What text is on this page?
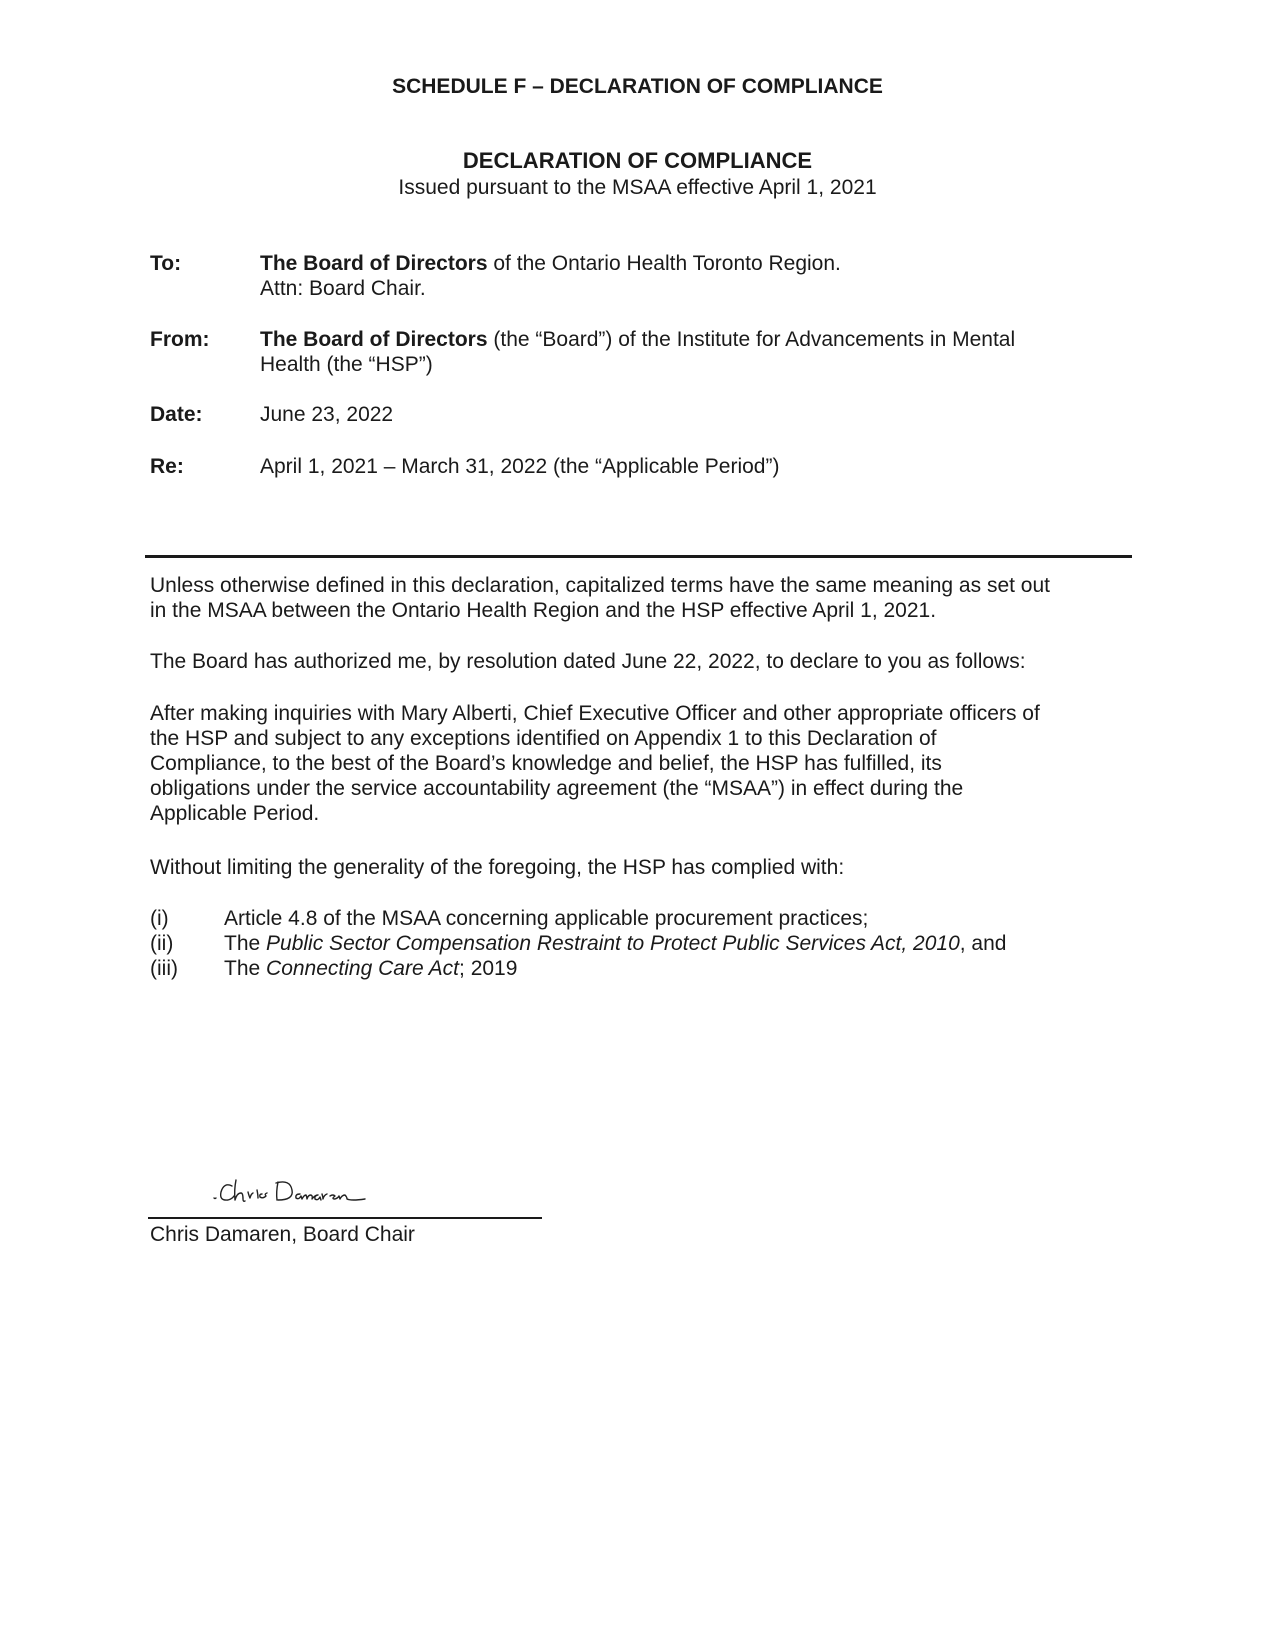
SCHEDULE F – DECLARATION OF COMPLIANCE
DECLARATION OF COMPLIANCE
Issued pursuant to the MSAA effective April 1, 2021
To:	The Board of Directors of the Ontario Health Toronto Region.
Attn: Board Chair.
From: The Board of Directors (the “Board”) of the Institute for Advancements in Mental
Health (the “HSP”)
Date:	June 23, 2022
Re:	April 1, 2021 – March 31, 2022 (the “Applicable Period”)
Unless otherwise defined in this declaration, capitalized terms have the same meaning as set out
in the MSAA between the Ontario Health Region and the HSP effective April 1, 2021.
The Board has authorized me, by resolution dated June 22, 2022, to declare to you as follows:
After making inquiries with Mary Alberti, Chief Executive Officer and other appropriate officers of
the HSP and subject to any exceptions identified on Appendix 1 to this Declaration of
Compliance, to the best of the Board’s knowledge and belief, the HSP has fulfilled, its
obligations under the service accountability agreement (the “MSAA”) in effect during the
Applicable Period.
Without limiting the generality of the foregoing, the HSP has complied with:
(i)	Article 4.8 of the MSAA concerning applicable procurement practices;
(ii) The Public Sector Compensation Restraint to Protect Public Services Act, 2010, and
(iii) The Connecting Care Act; 2019
Chris Damaren, Board Chair
